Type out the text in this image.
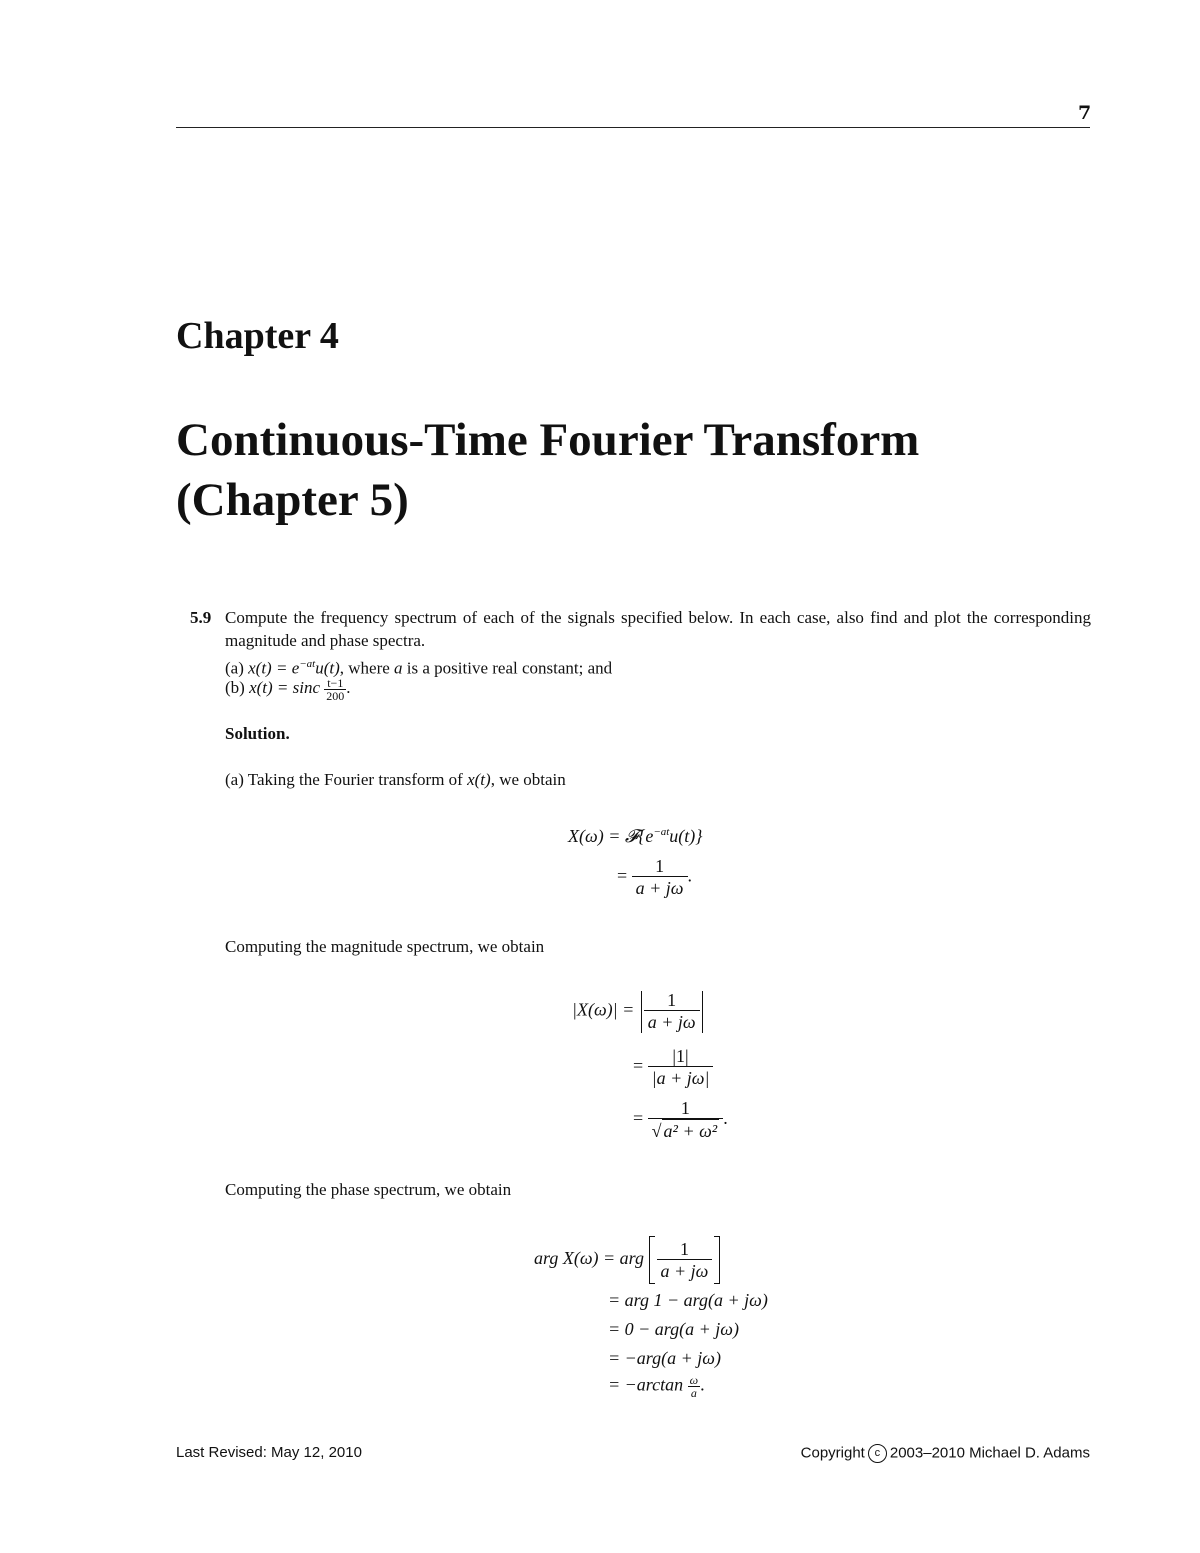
7
Chapter 4
Continuous-Time Fourier Transform
(Chapter 5)
5.9 Compute the frequency spectrum of each of the signals specified below. In each case, also find and plot the corresponding magnitude and phase spectra.
(a) $x(t) = e^{-at}u(t)$, where a is a positive real constant; and
(b) x(t) = sinc $\frac{t-1}{200}$ .
Solution.
(a) Taking the Fourier transform of x(t), we obtain
$X(\omega) = 𝓕\{e^{-at}u(t)\}$
= $\frac{1}{a + j\omega}$ .
Computing the magnitude spectrum, we obtain
$|X(\omega)| = \frac{1}{a + j\omega}$
= $\frac{|1|}{|a + j\omega|}$
= $\frac{1}{\text{√ a² + ω²}}$ .
Computing the phase spectrum, we obtain
arg X(ω) = arg $\frac{1}{a + j\omega}$
= arg 1 − arg(a + jω)
= 0 − arg(a + jω)
= −arg(a + jω)
= $-\arctan \frac{\omega}{a}$ .
Last Revised: May 12, 2010	Copyright c 2003–2010 Michael D. Adams
